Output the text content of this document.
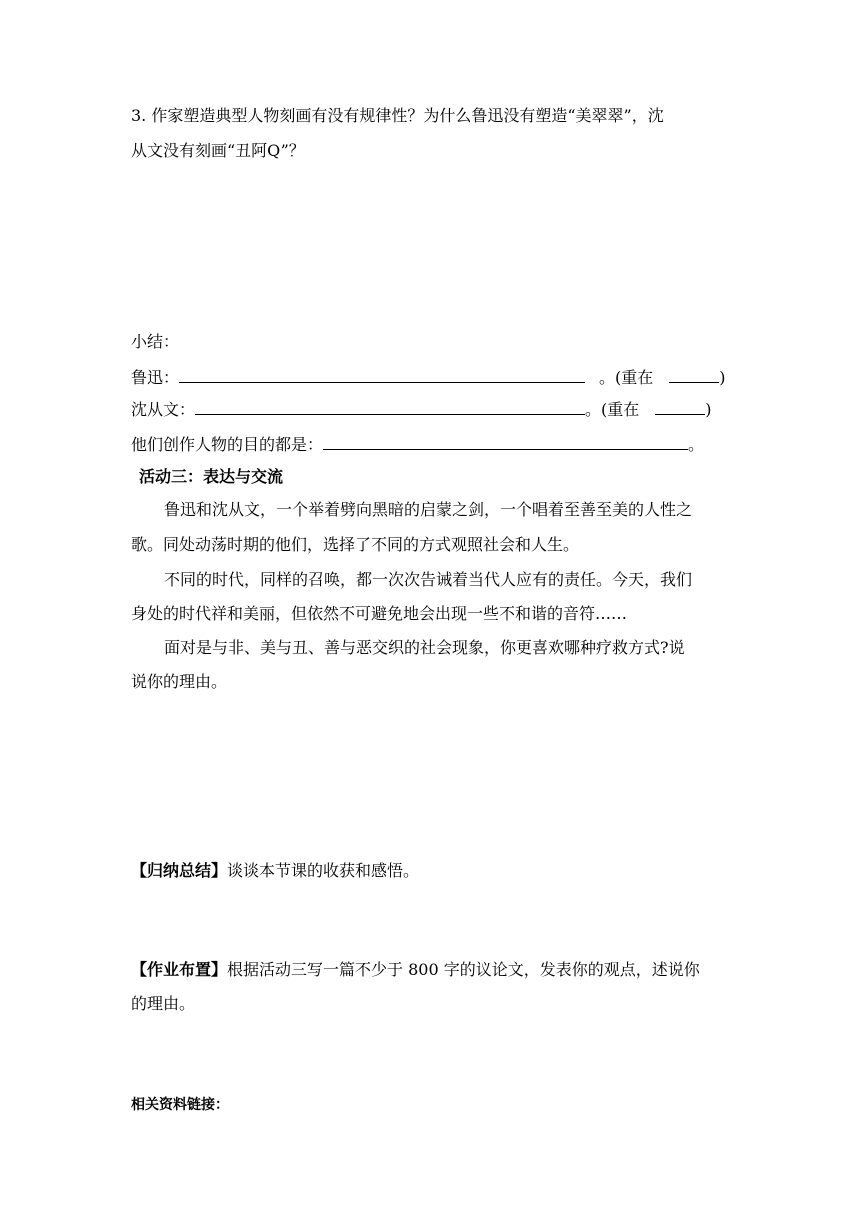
3. 作家塑造典型人物刻画有没有规律性？为什么鲁迅没有塑造“美翠翠”，沈
从文没有刻画“丑阿Q”？
小结：
鲁迅：	。(重在	)
沈从文：	。(重在	)
他们创作人物的目的都是：	。
活动三：表达与交流
鲁迅和沈从文，一个举着劈向黑暗的启蒙之剑，一个唱着至善至美的人性之
歌。同处动荡时期的他们，选择了不同的方式观照社会和人生。
不同的时代，同样的召唤，都一次次告诫着当代人应有的责任。今天，我们
身处的时代祥和美丽，但依然不可避免地会出现一些不和谐的音符……
面对是与非、美与丑、善与恶交织的社会现象，你更喜欢哪种疗救方式?说
说你的理由。
【归纳总结】谈谈本节课的收获和感悟。
【作业布置】根据活动三写一篇不少于 800 字的议论文，发表你的观点，述说你
的理由。
相关资料链接：
